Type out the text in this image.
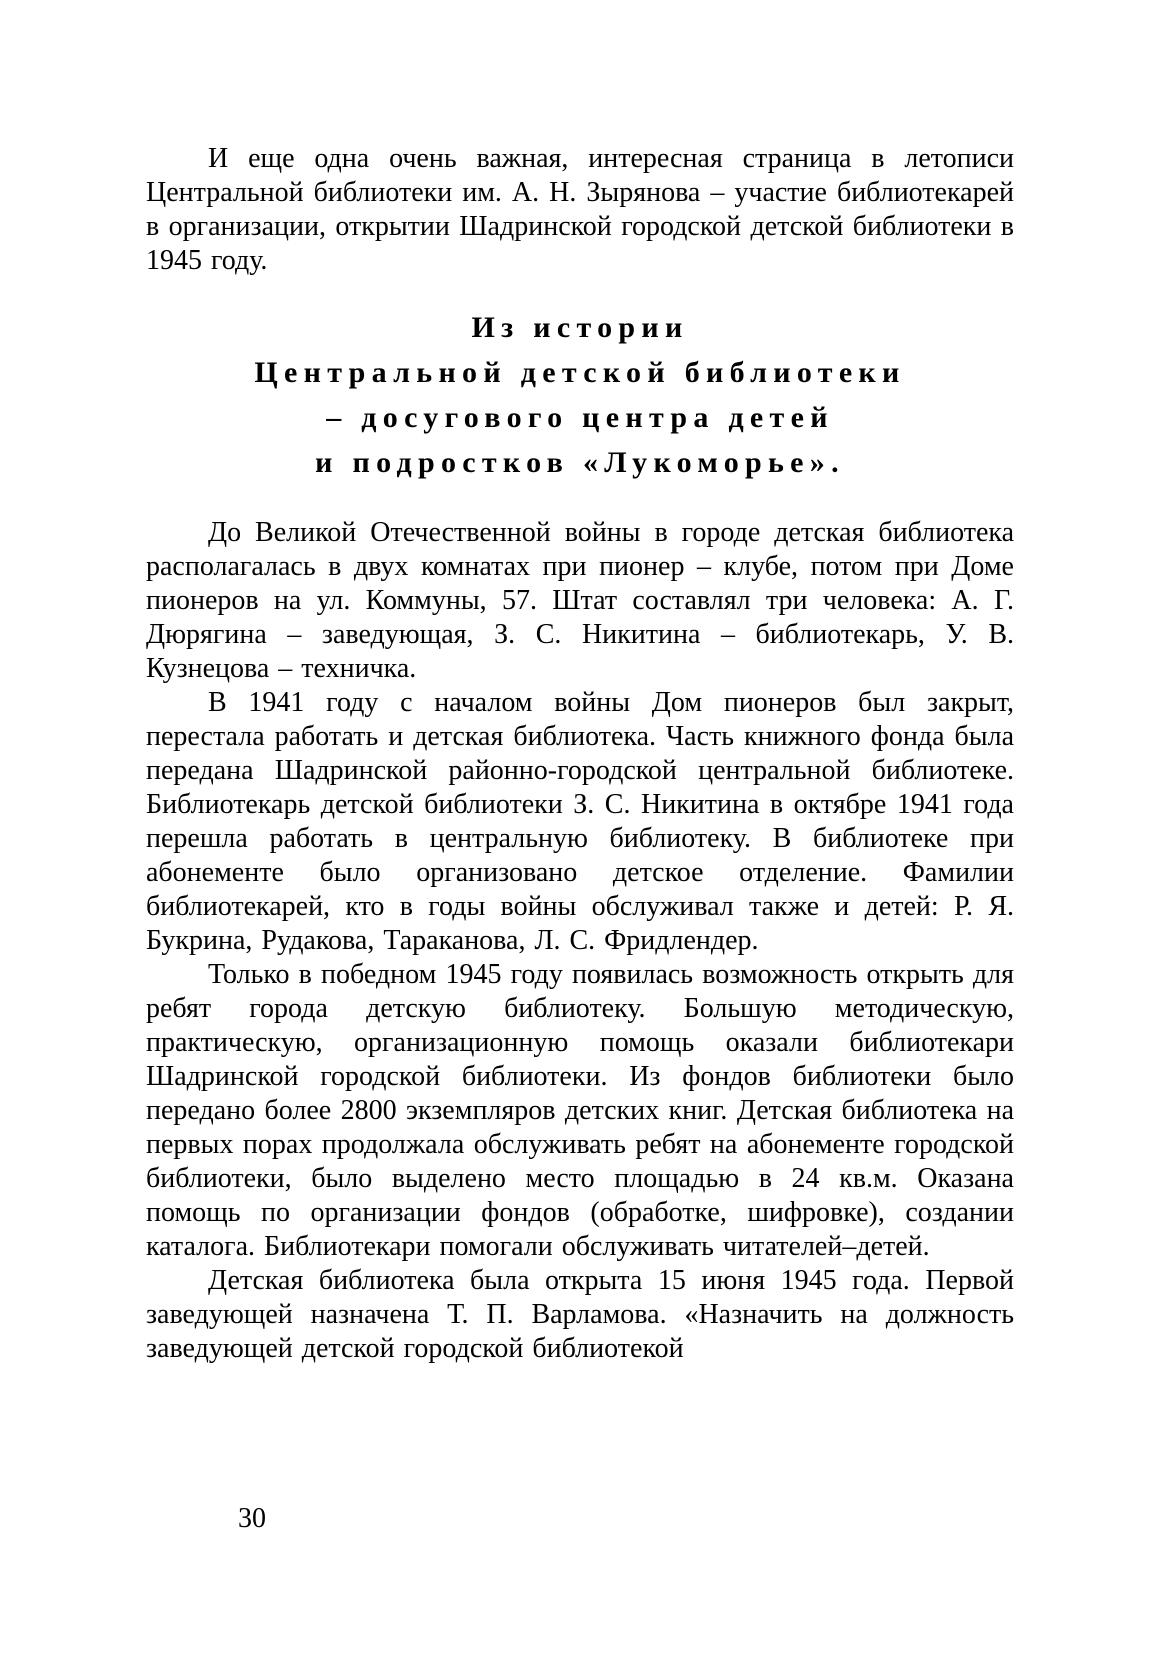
И еще одна очень важная, интересная страница в летописи Центральной библиотеки им. А. Н. Зырянова – участие библиотекарей в организации, открытии Шадринской городской детской библиотеки в 1945 году.

Из истории
Центральной детской библиотеки
– досугового центра детей
и подростков «Лукоморье».

До Великой Отечественной войны в городе детская библиотека располагалась в двух комнатах при пионер – клубе, потом при Доме пионеров на ул. Коммуны, 57. Штат составлял три человека: А. Г. Дюрягина – заведующая, З. С. Никитина – библиотекарь, У. В. Кузнецова – техничка.

В 1941 году с началом войны Дом пионеров был закрыт, перестала работать и детская библиотека. Часть книжного фонда была передана Шадринской районно-городской центральной библиотеке. Библиотекарь детской библиотеки З. С. Никитина в октябре 1941 года перешла работать в центральную библиотеку. В библиотеке при абонементе было организовано детское отделение. Фамилии библиотекарей, кто в годы войны обслуживал также и детей: Р. Я. Букрина, Рудакова, Тараканова, Л. С. Фридлендер.

Только в победном 1945 году появилась возможность открыть для ребят города детскую библиотеку. Большую методическую, практическую, организационную помощь оказали библиотекари Шадринской городской библиотеки. Из фондов библиотеки было передано более 2800 экземпляров детских книг. Детская библиотека на первых порах продолжала обслуживать ребят на абонементе городской библиотеки, было выделено место площадью в 24 кв.м. Оказана помощь по организации фондов (обработке, шифровке), создании каталога. Библиотекари помогали обслуживать читателей–детей.

Детская библиотека была открыта 15 июня 1945 года. Первой заведующей назначена Т. П. Варламова. «Назначить на должность заведующей детской городской библиотекой

30
